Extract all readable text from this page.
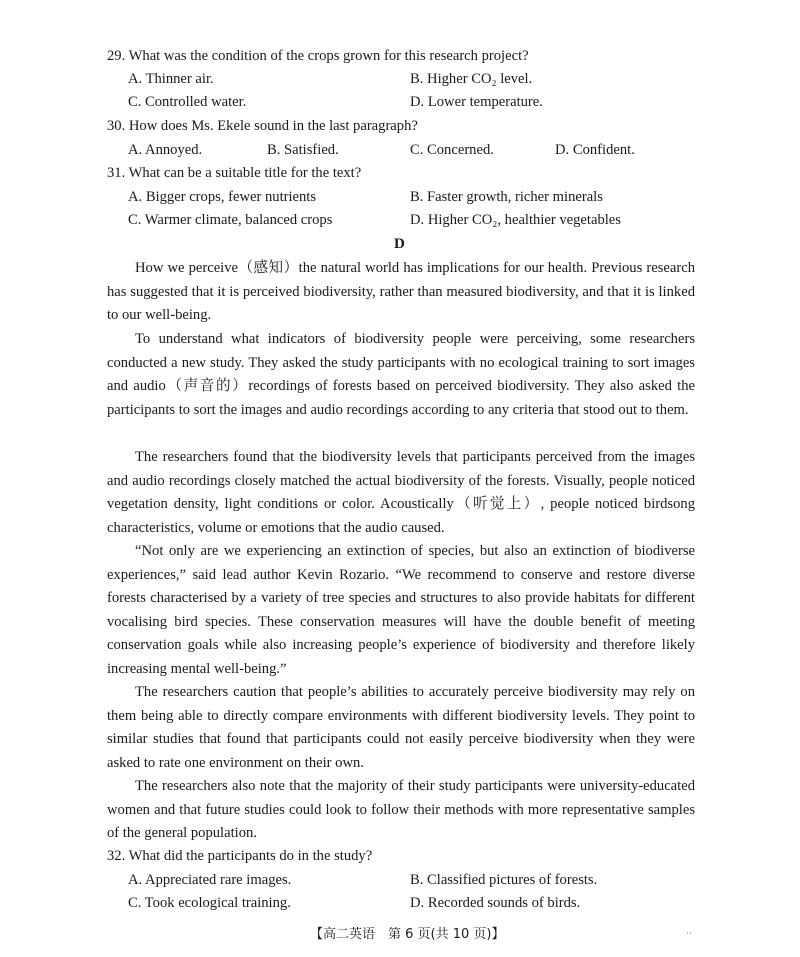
29. What was the condition of the crops grown for this research project?
A. Thinner air.	B. Higher CO₂ level.
C. Controlled water.	D. Lower temperature.
30. How does Ms. Ekele sound in the last paragraph?
A. Annoyed.	B. Satisfied.	C. Concerned.	D. Confident.
31. What can be a suitable title for the text?
A. Bigger crops, fewer nutrients	B. Faster growth, richer minerals
C. Warmer climate, balanced crops	D. Higher CO₂, healthier vegetables
D
How we perceive（感知）the natural world has implications for our health. Previous research has suggested that it is perceived biodiversity, rather than measured biodiversity, and that it is linked to our well-being.
To understand what indicators of biodiversity people were perceiving, some researchers conducted a new study. They asked the study participants with no ecological training to sort images and audio（声音的）recordings of forests based on perceived biodiversity. They also asked the participants to sort the images and audio recordings according to any criteria that stood out to them.
The researchers found that the biodiversity levels that participants perceived from the images and audio recordings closely matched the actual biodiversity of the forests. Visually, people noticed vegetation density, light conditions or color. Acoustically（听觉上）, people noticed birdsong characteristics, volume or emotions that the audio caused.
“Not only are we experiencing an extinction of species, but also an extinction of biodiverse experiences,” said lead author Kevin Rozario. “We recommend to conserve and restore diverse forests characterised by a variety of tree species and structures to also provide habitats for different vocalising bird species. These conservation measures will have the double benefit of meeting conservation goals while also increasing people’s experience of biodiversity and therefore likely increasing mental well-being.”
The researchers caution that people’s abilities to accurately perceive biodiversity may rely on them being able to directly compare environments with different biodiversity levels. They point to similar studies that found that participants could not easily perceive biodiversity when they were asked to rate one environment on their own.
The researchers also note that the majority of their study participants were university-educated women and that future studies could look to follow their methods with more representative samples of the general population.
32. What did the participants do in the study?
A. Appreciated rare images.	B. Classified pictures of forests.
C. Took ecological training.	D. Recorded sounds of birds.
【高二英语　第 6 页(共 10 页)】	··
